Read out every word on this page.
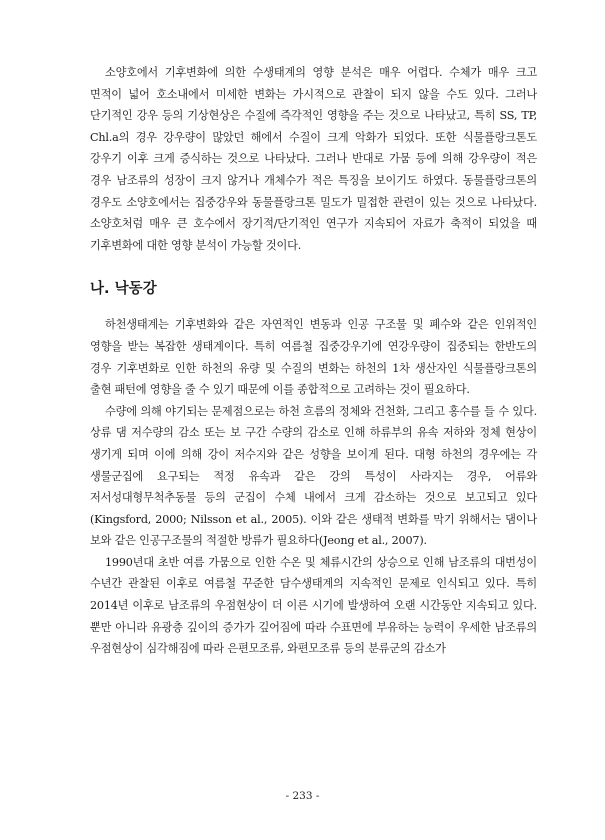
소양호에서 기후변화에 의한 수생태계의 영향 분석은 매우 어렵다. 수체가 매우 크고 면적이 넓어 호소내에서 미세한 변화는 가시적으로 관찰이 되지 않을 수도 있다. 그러나 단기적인 강우 등의 기상현상은 수질에 즉각적인 영향을 주는 것으로 나타났고, 특히 SS, TP, Chl.a의 경우 강우량이 많았던 해에서 수질이 크게 악화가 되었다. 또한 식물플랑크톤도 강우기 이후 크게 증식하는 것으로 나타났다. 그러나 반대로 가뭄 등에 의해 강우량이 적은 경우 남조류의 성장이 크지 않거나 개체수가 적은 특징을 보이기도 하였다. 동물플랑크톤의 경우도 소양호에서는 집중강우와 동물플랑크톤 밀도가 밀접한 관련이 있는 것으로 나타났다. 소양호처럼 매우 큰 호수에서 장기적/단기적인 연구가 지속되어 자료가 축적이 되었을 때 기후변화에 대한 영향 분석이 가능할 것이다.

나. 낙동강

하천생태계는 기후변화와 같은 자연적인 변동과 인공 구조물 및 폐수와 같은 인위적인 영향을 받는 복잡한 생태계이다. 특히 여름철 집중강우기에 연강우량이 집중되는 한반도의 경우 기후변화로 인한 하천의 유량 및 수질의 변화는 하천의 1차 생산자인 식물플랑크톤의 출현 패턴에 영향을 줄 수 있기 때문에 이를 종합적으로 고려하는 것이 필요하다.

수량에 의해 야기되는 문제점으로는 하천 흐름의 정체와 건천화, 그리고 홍수를 들 수 있다. 상류 댐 저수량의 감소 또는 보 구간 수량의 감소로 인해 하류부의 유속 저하와 정체 현상이 생기게 되며 이에 의해 강이 저수지와 같은 성향을 보이게 된다. 대형 하천의 경우에는 각 생물군집에 요구되는 적정 유속과 같은 강의 특성이 사라지는 경우, 어류와 저서성대형무척추동물 등의 군집이 수체 내에서 크게 감소하는 것으로 보고되고 있다 (Kingsford, 2000; Nilsson et al., 2005). 이와 같은 생태적 변화를 막기 위해서는 댐이나 보와 같은 인공구조물의 적절한 방류가 필요하다(Jeong et al., 2007).

1990년대 초반 여름 가뭄으로 인한 수온 및 체류시간의 상승으로 인해 남조류의 대번성이 수년간 관찰된 이후로 여름철 꾸준한 담수생태계의 지속적인 문제로 인식되고 있다. 특히 2014년 이후로 남조류의 우점현상이 더 이른 시기에 발생하여 오랜 시간동안 지속되고 있다. 뿐만 아니라 유광층 깊이의 증가가 깊어짐에 따라 수표면에 부유하는 능력이 우세한 남조류의 우점현상이 심각해짐에 따라 은편모조류, 와편모조류 등의 분류군의 감소가

- 233 -
